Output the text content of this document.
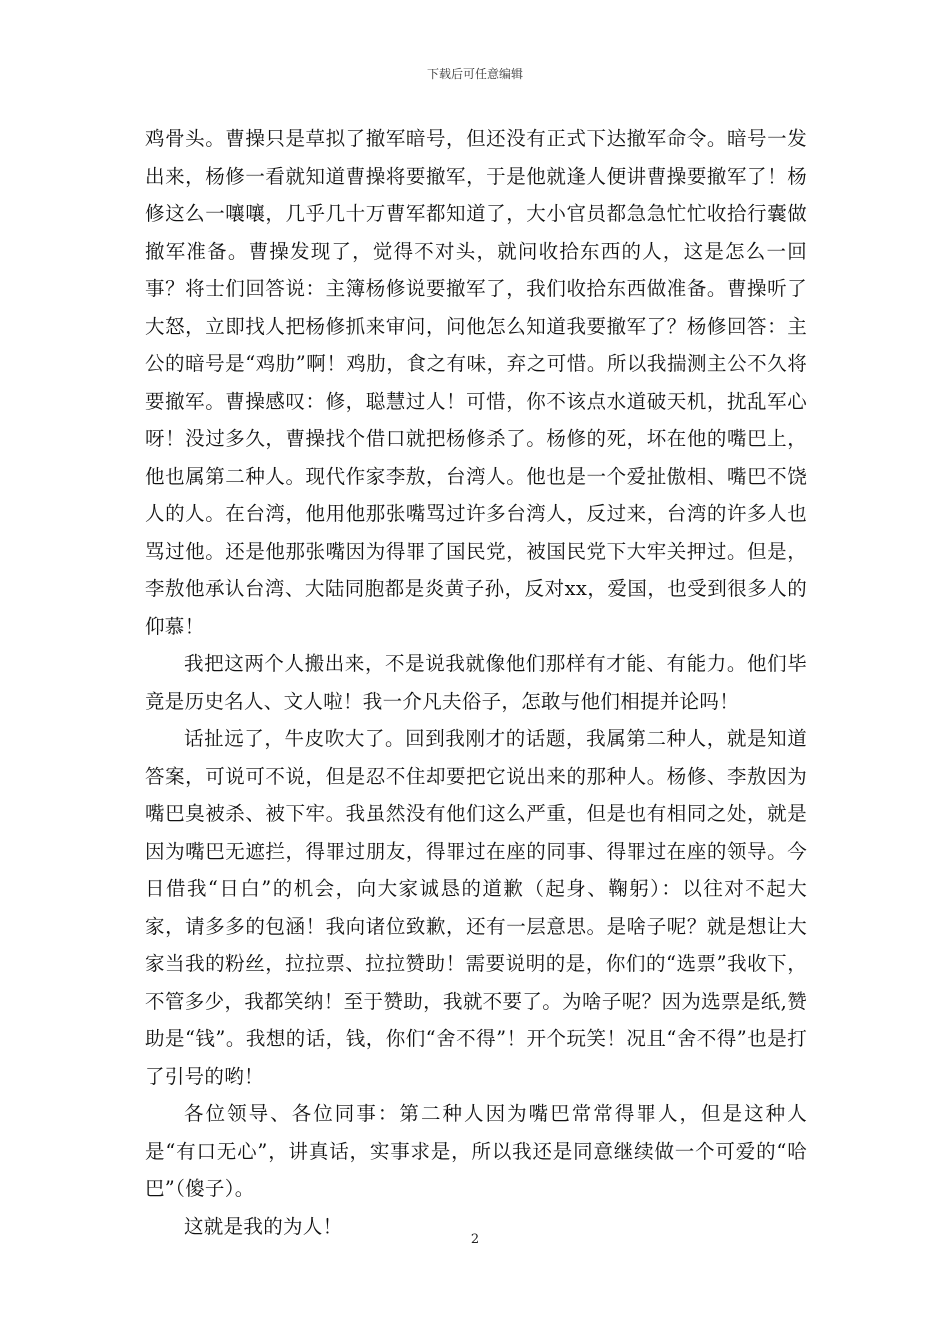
下载后可任意编辑

鸡骨头。曹操只是草拟了撤军暗号，但还没有正式下达撤军命令。暗号一发出来，杨修一看就知道曹操将要撤军，于是他就逢人便讲曹操要撤军了！杨修这么一嚷嚷，几乎几十万曹军都知道了，大小官员都急急忙忙收拾行囊做撤军准备。曹操发现了，觉得不对头，就问收拾东西的人，这是怎么一回事？将士们回答说：主簿杨修说要撤军了，我们收拾东西做准备。曹操听了大怒，立即找人把杨修抓来审问，问他怎么知道我要撤军了？杨修回答：主公的暗号是“鸡肋”啊！鸡肋，食之有味，弃之可惜。所以我揣测主公不久将要撤军。曹操感叹：修，聪慧过人！可惜，你不该点水道破天机，扰乱军心呀！没过多久，曹操找个借口就把杨修杀了。杨修的死，坏在他的嘴巴上，他也属第二种人。现代作家李敖，台湾人。他也是一个爱扯傲相、嘴巴不饶人的人。在台湾，他用他那张嘴骂过许多台湾人，反过来，台湾的许多人也骂过他。还是他那张嘴因为得罪了国民党，被国民党下大牢关押过。但是，李敖他承认台湾、大陆同胞都是炎黄子孙，反对xx，爱国，也受到很多人的仰慕！

我把这两个人搬出来，不是说我就像他们那样有才能、有能力。他们毕竟是历史名人、文人啦！我一介凡夫俗子，怎敢与他们相提并论吗！

话扯远了，牛皮吹大了。回到我刚才的话题，我属第二种人，就是知道答案，可说可不说，但是忍不住却要把它说出来的那种人。杨修、李敖因为嘴巴臭被杀、被下牢。我虽然没有他们这么严重，但是也有相同之处，就是因为嘴巴无遮拦，得罪过朋友，得罪过在座的同事、得罪过在座的领导。今日借我“日白”的机会，向大家诚恳的道歉（起身、鞠躬）：以往对不起大家，请多多的包涵！我向诸位致歉，还有一层意思。是啥子呢？就是想让大家当我的粉丝，拉拉票、拉拉赞助！需要说明的是，你们的“选票”我收下，不管多少，我都笑纳！至于赞助，我就不要了。为啥子呢？因为选票是纸,赞助是“钱”。我想的话，钱，你们“舍不得”！开个玩笑！况且“舍不得”也是打了引号的哟！

各位领导、各位同事：第二种人因为嘴巴常常得罪人，但是这种人是“有口无心”，讲真话，实事求是，所以我还是同意继续做一个可爱的“哈巴”（傻子）。

这就是我的为人！

2
